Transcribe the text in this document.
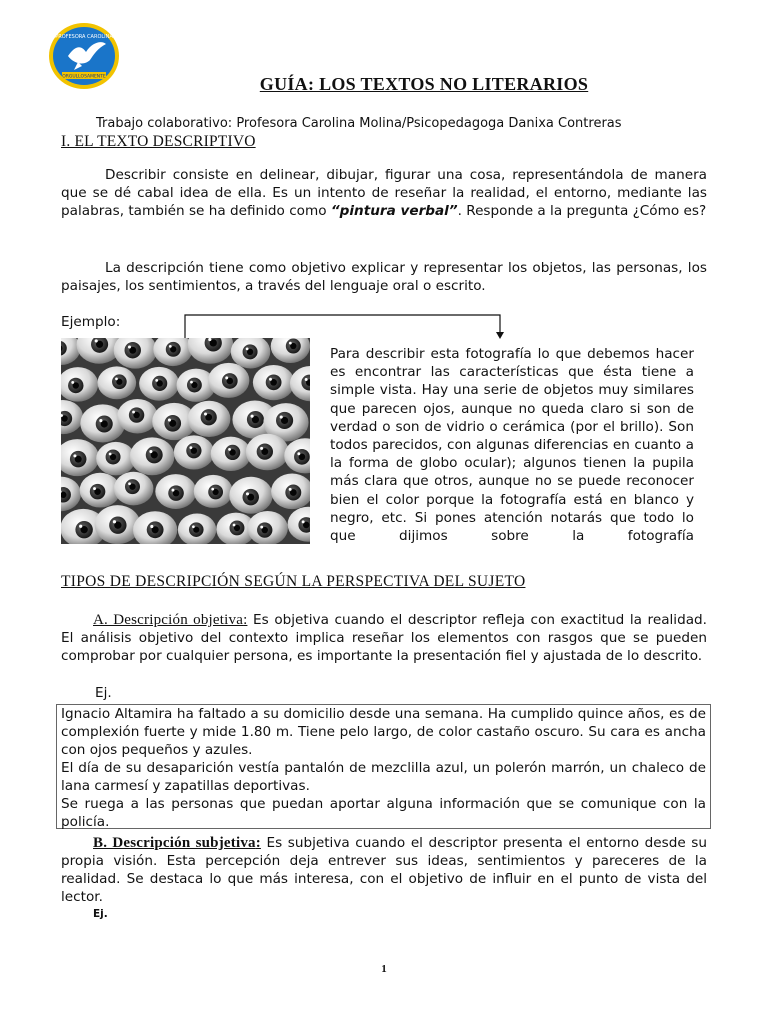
PROFESORA CAROLINA
ORGULLOSAMENTE	GUÍA: LOS TEXTOS NO LITERARIOS
Trabajo colaborativo: Profesora Carolina Molina/Psicopedagoga Danixa Contreras
I. EL TEXTO DESCRIPTIVO
Describir consiste en delinear, dibujar, figurar una cosa, representándola de manera que se dé cabal idea de ella. Es un intento de reseñar la realidad, el entorno, mediante las palabras, también se ha definido como “pintura verbal”. Responde a la pregunta ¿Cómo es?
La descripción tiene como objetivo explicar y representar los objetos, las personas, los paisajes, los sentimientos, a través del lenguaje oral o escrito.
Ejemplo:
Para describir esta fotografía lo que debemos hacer es encontrar las características que ésta tiene a simple vista. Hay una serie de objetos muy similares que parecen ojos, aunque no queda claro si son de verdad o son de vidrio o cerámica (por el brillo). Son todos parecidos, con algunas diferencias en cuanto a la forma de globo ocular); algunos tienen la pupila más clara que otros, aunque no se puede reconocer bien el color porque la fotografía está en blanco y negro, etc. Si pones atención notarás que todo lo que dijimos sobre la fotografía
TIPOS DE DESCRIPCIÓN SEGÚN LA PERSPECTIVA DEL SUJETO
A. Descripción objetiva: Es objetiva cuando el descriptor refleja con exactitud la realidad. El análisis objetivo del contexto implica reseñar los elementos con rasgos que se pueden comprobar por cualquier persona, es importante la presentación fiel y ajustada de lo descrito.
Ej.
Ignacio Altamira ha faltado a su domicilio desde una semana. Ha cumplido quince años, es de complexión fuerte y mide 1.80 m. Tiene pelo largo, de color castaño oscuro. Su cara es ancha con ojos pequeños y azules.
El día de su desaparición vestía pantalón de mezclilla azul, un polerón marrón, un chaleco de lana carmesí y zapatillas deportivas.
Se ruega a las personas que puedan aportar alguna información que se comunique con la policía.
B. Descripción subjetiva: Es subjetiva cuando el descriptor presenta el entorno desde su propia visión. Esta percepción deja entrever sus ideas, sentimientos y pareceres de la realidad. Se destaca lo que más interesa, con el objetivo de influir en el punto de vista del lector.
Ej.
1
